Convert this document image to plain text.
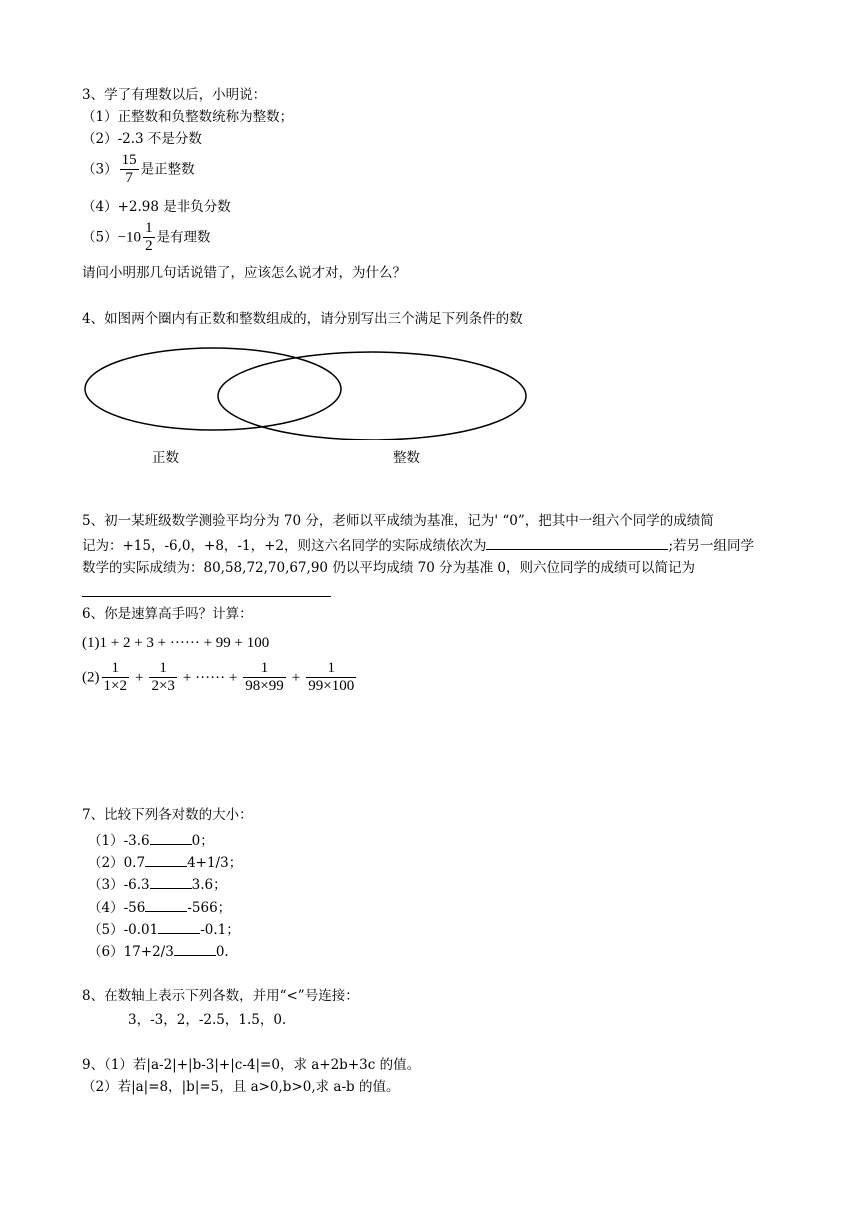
3、学了有理数以后，小明说：
（1）正整数和负整数统称为整数；
（2）-2.3 不是分数
$(3) \frac{15}{7}$ 是正整数
（4）+2.98 是非负分数
$(5)-10 \frac{1}{2}$ 是有理数
请问小明那几句话说错了，应该怎么说才对，为什么？
4、如图两个圈内有正数和整数组成的，请分别写出三个满足下列条件的数
正数	整数
5、初一某班级数学测验平均分为 70 分，老师以平成绩为基准，记为' “0”，把其中一组六个同学的成绩简
记为：+15，-6,0，+8，-1，+2，则这六名同学的实际成绩依次为	;若另一组同学
数学的实际成绩为：80,58,72,70,67,90 仍以平均成绩 70 分为基准 0，则六位同学的成绩可以简记为
6、你是速算高手吗？计算：
(1)1 + 2 + 3 + ······ + 99 + 100
$(2) \frac{1}{1\times 2} + \frac{1}{2\times 3}$ + ······ + $\frac{1}{98\times 99} + \frac{1}{99\times 100}$
7、比较下列各对数的大小：
（1）-3.6	0；
（2）0.7	4+1/3；
（3）-6.3	3.6；
（4）-56	-566；
（5）-0.01	-0.1；
（6）17+2/3	0.
8、在数轴上表示下列各数，并用“<”号连接：
3，-3，2，-2.5，1.5，0.
9、（1）若|a-2|+|b-3|+|c-4|=0，求 a+2b+3c 的值。
（2）若|a|=8，|b|=5，且 a>0,b>0,求 a-b 的值。
